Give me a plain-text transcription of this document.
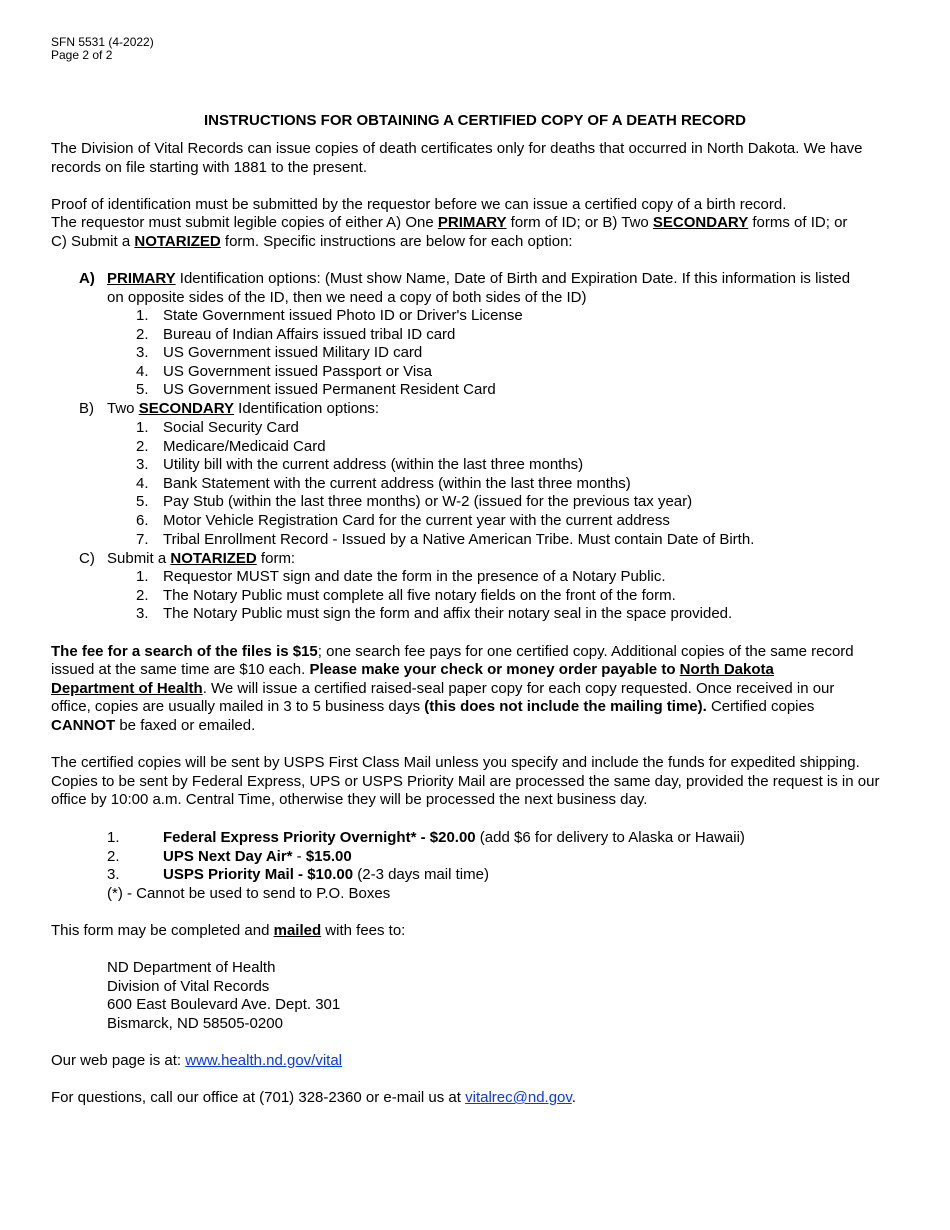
SFN 5531 (4-2022)
Page 2 of 2
INSTRUCTIONS FOR OBTAINING A CERTIFIED COPY OF A DEATH RECORD
The Division of Vital Records can issue copies of death certificates only for deaths that occurred in North Dakota. We have records on file starting with 1881 to the present.
Proof of identification must be submitted by the requestor before we can issue a certified copy of a birth record.
The requestor must submit legible copies of either A) One PRIMARY form of ID; or B) Two SECONDARY forms of ID; or
C) Submit a NOTARIZED form. Specific instructions are below for each option:
A) PRIMARY Identification options: (Must show Name, Date of Birth and Expiration Date. If this information is listed
on opposite sides of the ID, then we need a copy of both sides of the ID)
1. State Government issued Photo ID or Driver's License
2. Bureau of Indian Affairs issued tribal ID card
3. US Government issued Military ID card
4. US Government issued Passport or Visa
5. US Government issued Permanent Resident Card
B) Two SECONDARY Identification options:
1. Social Security Card
2. Medicare/Medicaid Card
3. Utility bill with the current address (within the last three months)
4. Bank Statement with the current address (within the last three months)
5. Pay Stub (within the last three months) or W-2 (issued for the previous tax year)
6. Motor Vehicle Registration Card for the current year with the current address
7. Tribal Enrollment Record - Issued by a Native American Tribe. Must contain Date of Birth.
C) Submit a NOTARIZED form:
1. Requestor MUST sign and date the form in the presence of a Notary Public.
2. The Notary Public must complete all five notary fields on the front of the form.
3. The Notary Public must sign the form and affix their notary seal in the space provided.
The fee for a search of the files is $15; one search fee pays for one certified copy. Additional copies of the same record
issued at the same time are $10 each. Please make your check or money order payable to North Dakota
Department of Health. We will issue a certified raised-seal paper copy for each copy requested. Once received in our
office, copies are usually mailed in 3 to 5 business days (this does not include the mailing time). Certified copies
CANNOT be faxed or emailed.
The certified copies will be sent by USPS First Class Mail unless you specify and include the funds for expedited shipping. Copies to be sent by Federal Express, UPS or USPS Priority Mail are processed the same day, provided the request is in our office by 10:00 a.m. Central Time, otherwise they will be processed the next business day.
1.	Federal Express Priority Overnight* - $20.00 (add $6 for delivery to Alaska or Hawaii)
2.	UPS Next Day Air* - $15.00
3.	USPS Priority Mail - $10.00 (2-3 days mail time)
(*) - Cannot be used to send to P.O. Boxes
This form may be completed and mailed with fees to:
ND Department of Health
Division of Vital Records
600 East Boulevard Ave. Dept. 301
Bismarck, ND 58505-0200
Our web page is at: www.health.nd.gov/vital
For questions, call our office at (701) 328-2360 or e-mail us at vitalrec@nd.gov.
